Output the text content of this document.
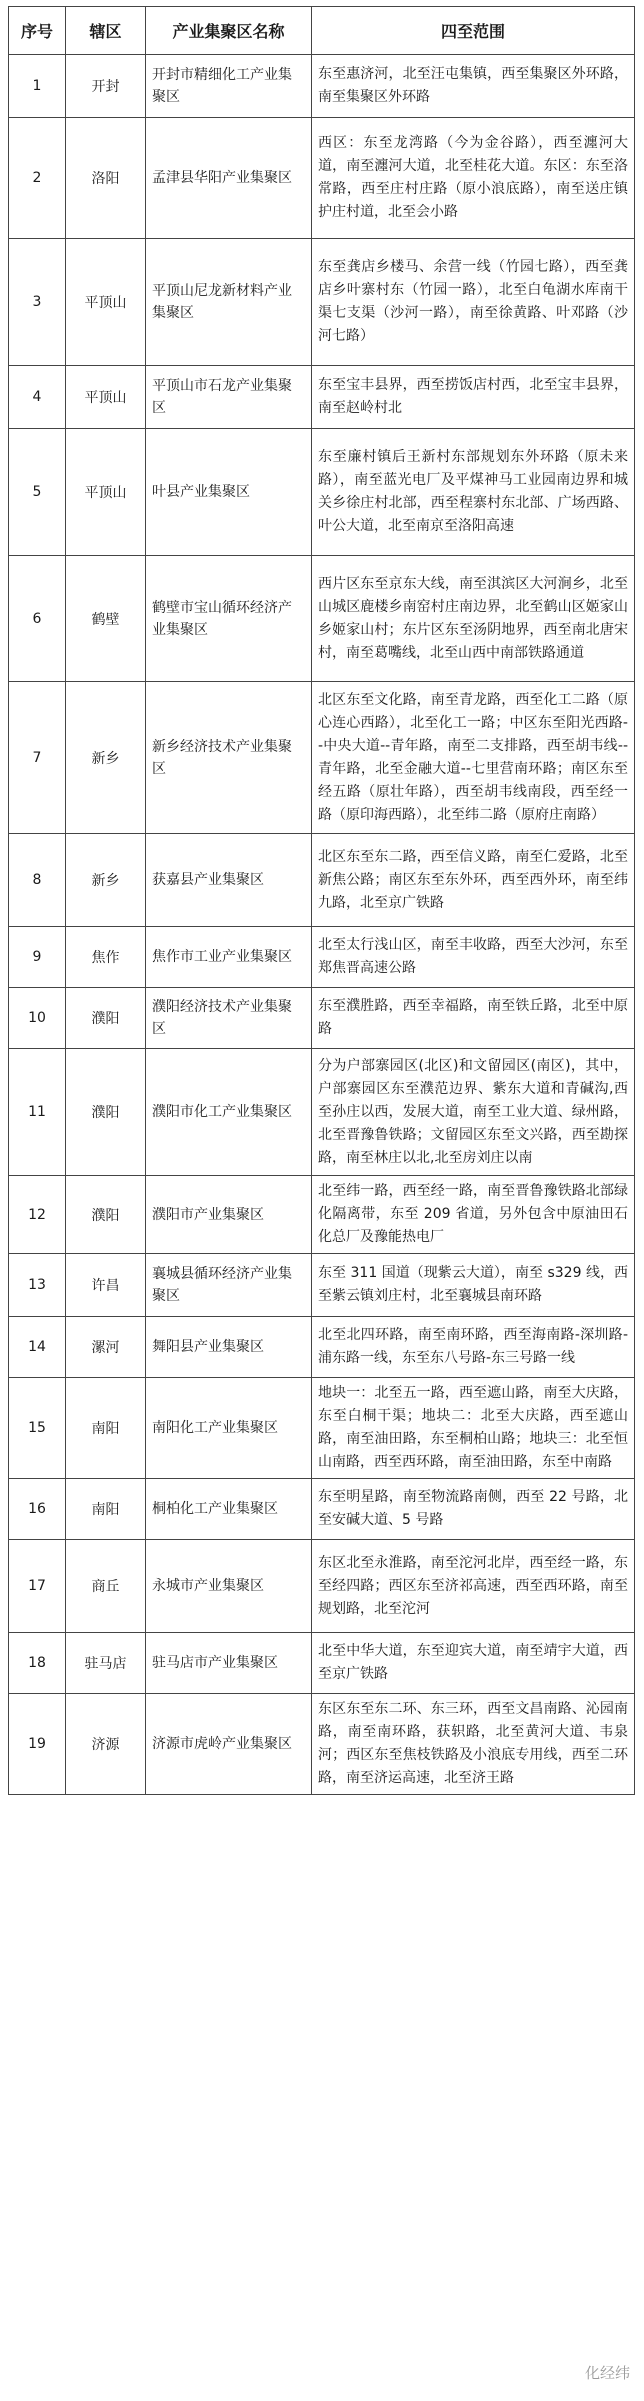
序号	辖区	产业集聚区名称	四至范围
1	开封	开封市精细化工产业集聚区	东至惠济河，北至汪屯集镇，西至集聚区外环路，南至集聚区外环路
2	洛阳	孟津县华阳产业集聚区	西区：东至龙湾路（今为金谷路），西至瀍河大道，南至瀍河大道，北至桂花大道。东区：东至洛常路，西至庄村庄路（原小浪底路），南至送庄镇护庄村道，北至会小路
3	平顶山	平顶山尼龙新材料产业集聚区	东至龚店乡楼马、余营一线（竹园七路），西至龚店乡叶寨村东（竹园一路），北至白龟湖水库南干渠七支渠（沙河一路），南至徐黄路、叶邓路（沙河七路）
4	平顶山	平顶山市石龙产业集聚区	东至宝丰县界，西至捞饭店村西，北至宝丰县界，南至赵岭村北
5	平顶山	叶县产业集聚区	东至廉村镇后王新村东部规划东外环路（原未来路），南至蓝光电厂及平煤神马工业园南边界和城关乡徐庄村北部，西至程寨村东北部、广场西路、叶公大道，北至南京至洛阳高速
6	鹤壁	鹤壁市宝山循环经济产业集聚区	西片区东至京东大线，南至淇滨区大河涧乡，北至山城区鹿楼乡南窑村庄南边界，北至鹤山区姬家山乡姬家山村；东片区东至汤阴地界，西至南北唐宋村，南至葛嘴线，北至山西中南部铁路通道
7	新乡	新乡经济技术产业集聚区	北区东至文化路，南至青龙路，西至化工二路（原心连心西路），北至化工一路；中区东至阳光西路--中央大道--青年路，南至二支排路，西至胡韦线--青年路，北至金融大道--七里营南环路；南区东至经五路（原壮年路），西至胡韦线南段，西至经一路（原印海西路），北至纬二路（原府庄南路）
8	新乡	获嘉县产业集聚区	北区东至东二路，西至信义路，南至仁爱路，北至新焦公路；南区东至东外环，西至西外环，南至纬九路，北至京广铁路
9	焦作	焦作市工业产业集聚区	北至太行浅山区，南至丰收路，西至大沙河，东至郑焦晋高速公路
10	濮阳	濮阳经济技术产业集聚区	东至濮胜路，西至幸福路，南至铁丘路，北至中原路
11	濮阳	濮阳市化工产业集聚区	分为户部寨园区(北区)和文留园区(南区)，其中，户部寨园区东至濮范边界、紫东大道和青碱沟,西至孙庄以西，发展大道，南至工业大道、绿州路，北至晋豫鲁铁路；文留园区东至文兴路，西至勘探路，南至林庄以北,北至房刘庄以南
12	濮阳	濮阳市产业集聚区	北至纬一路，西至经一路，南至晋鲁豫铁路北部绿化隔离带，东至 209 省道，另外包含中原油田石化总厂及豫能热电厂
13	许昌	襄城县循环经济产业集聚区	东至 311 国道（现紫云大道），南至 s329 线，西至紫云镇刘庄村，北至襄城县南环路
14	漯河	舞阳县产业集聚区	北至北四环路，南至南环路，西至海南路-深圳路-浦东路一线，东至东八号路-东三号路一线
15	南阳	南阳化工产业集聚区	地块一：北至五一路，西至遮山路，南至大庆路，东至白桐干渠；地块二：北至大庆路，西至遮山路，南至油田路，东至桐柏山路；地块三：北至恒山南路，西至西环路，南至油田路，东至中南路
16	南阳	桐柏化工产业集聚区	东至明星路，南至物流路南侧，西至 22 号路，北至安碱大道、5 号路
17	商丘	永城市产业集聚区	东区北至永淮路，南至沱河北岸，西至经一路，东至经四路；西区东至济祁高速，西至西环路，南至规划路，北至沱河
18	驻马店	驻马店市产业集聚区	北至中华大道，东至迎宾大道，南至靖宇大道，西至京广铁路
19	济源	济源市虎岭产业集聚区	东区东至东二环、东三环，西至文昌南路、沁园南路，南至南环路，获轵路，北至黄河大道、韦泉河；西区东至焦枝铁路及小浪底专用线，西至二环路，南至济运高速，北至济王路
化经纬
